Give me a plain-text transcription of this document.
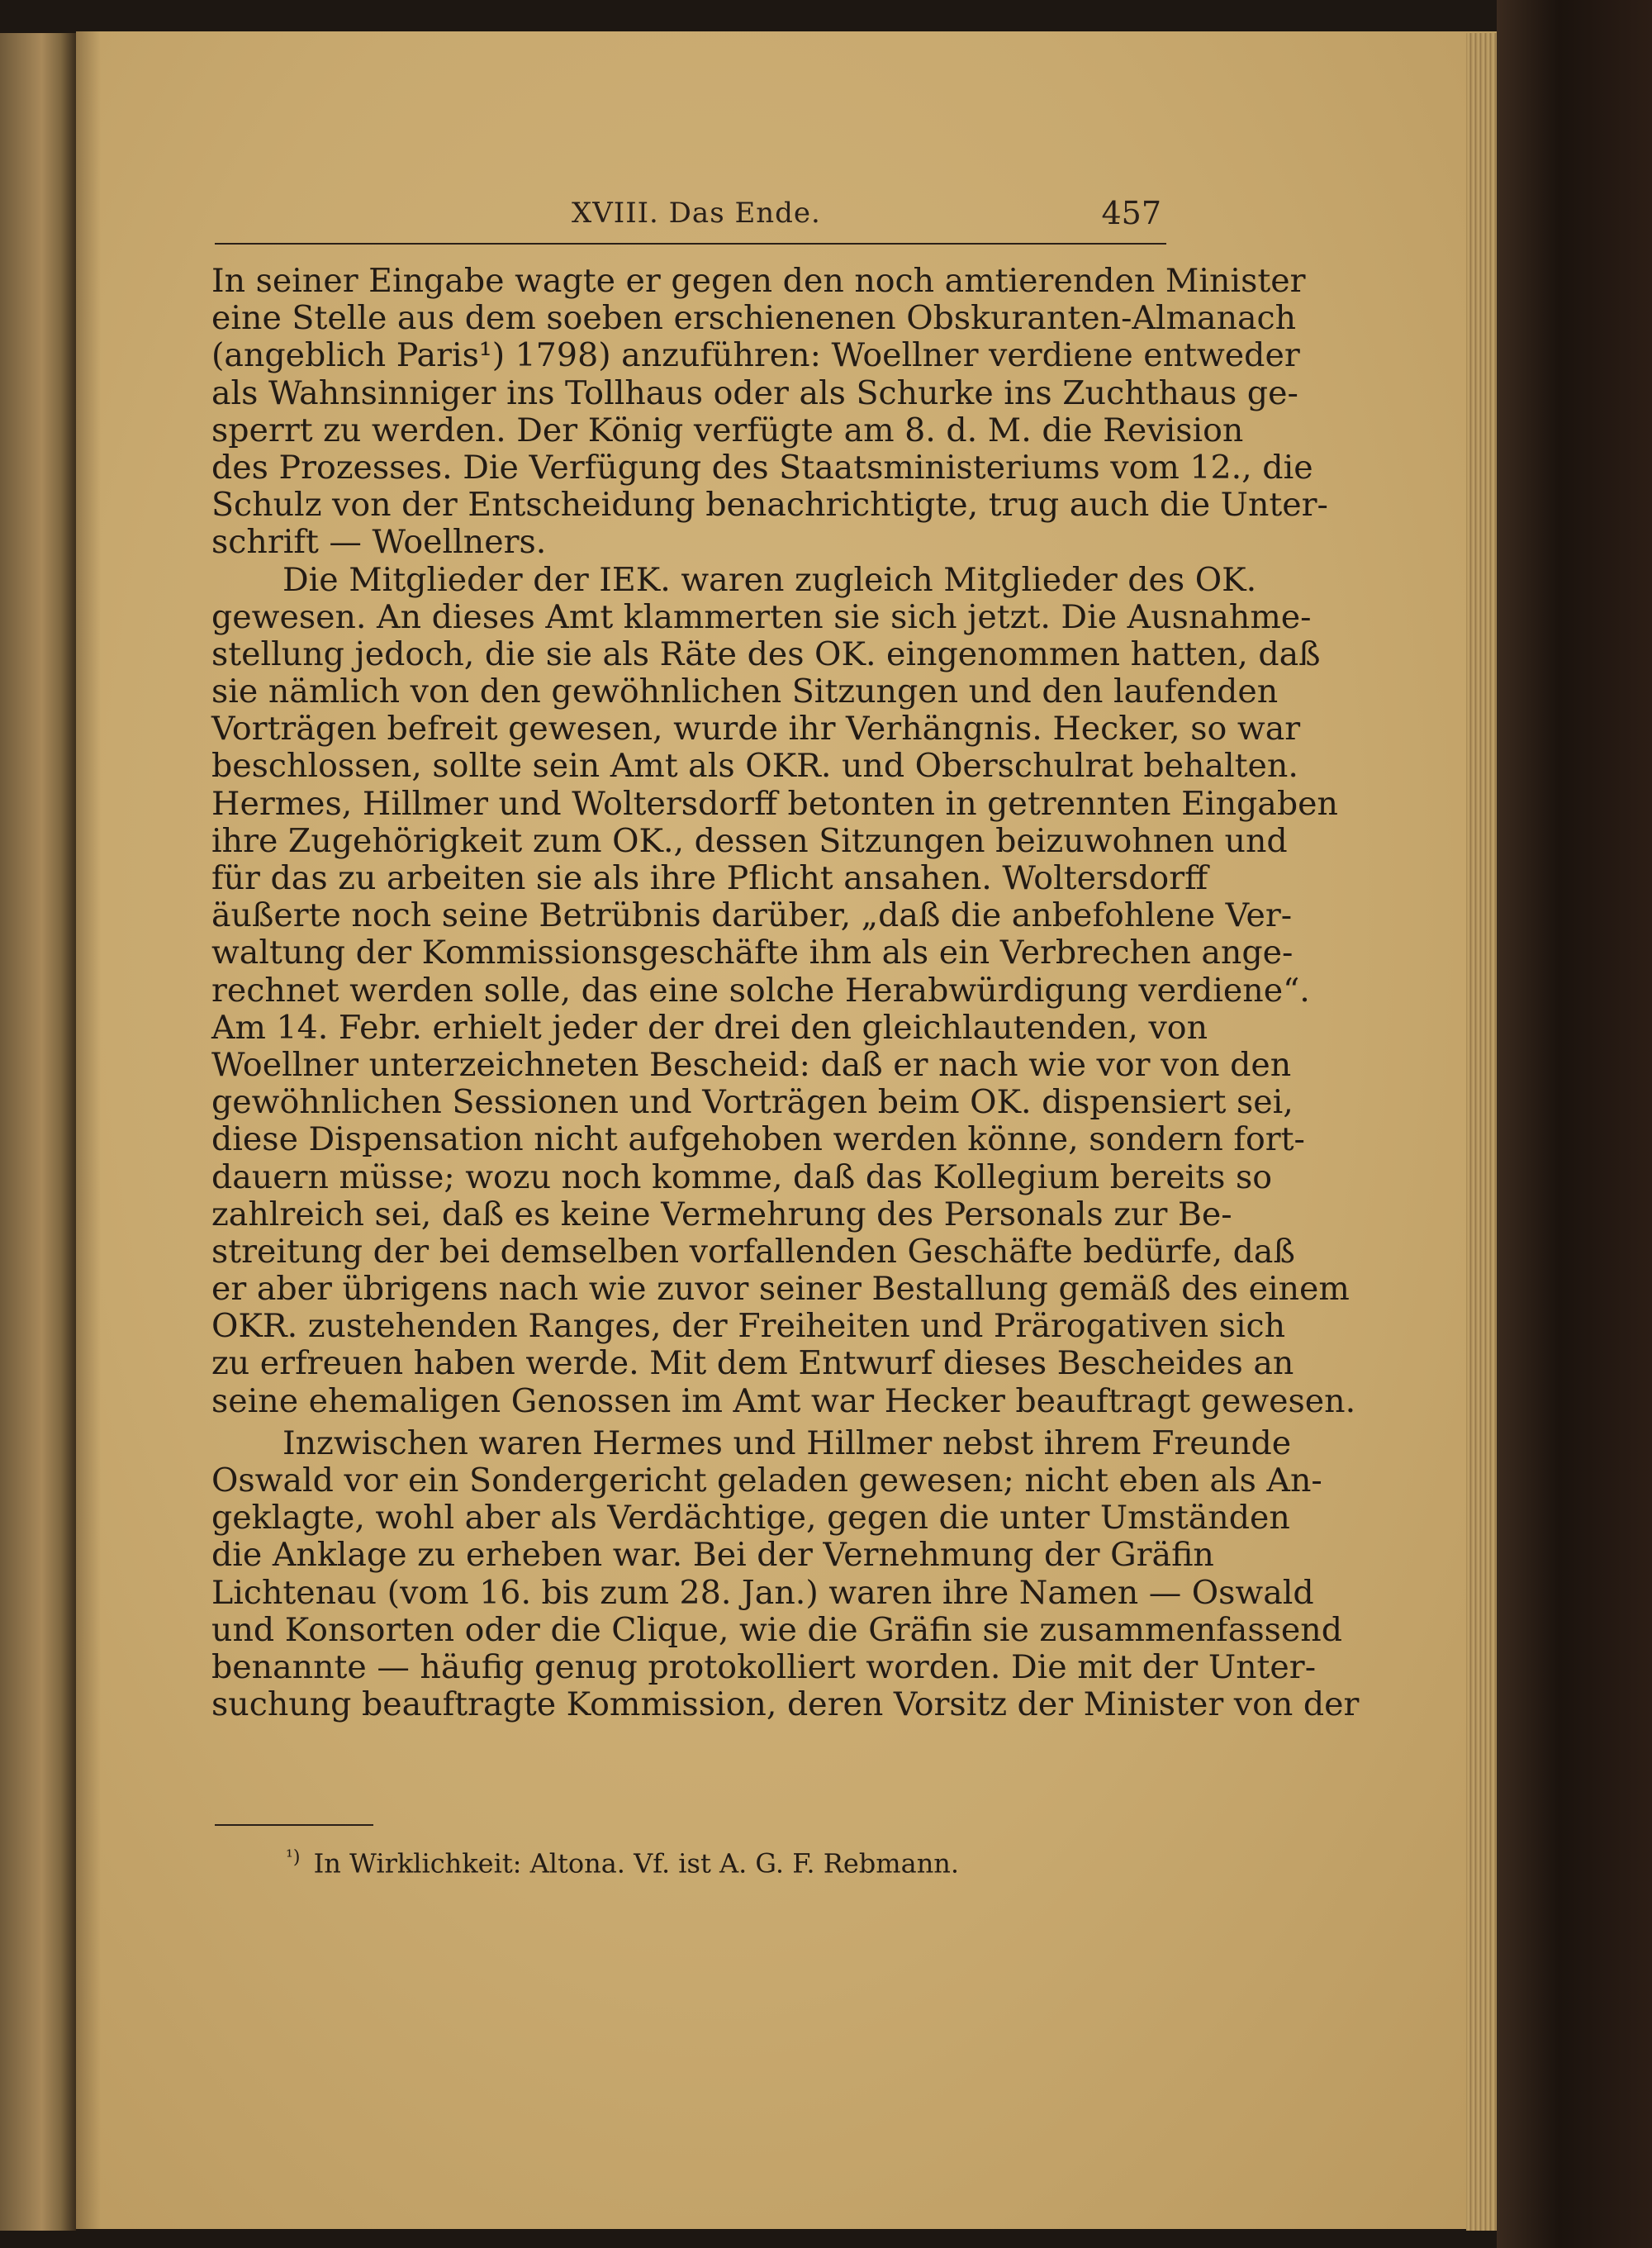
XVIII. Das Ende.	457
In seiner Eingabe wagte er gegen den noch amtierenden Minister
eine Stelle aus dem soeben erschienenen Obskuranten-Almanach
(angeblich Paris¹) 1798) anzuführen: Woellner verdiene entweder
als Wahnsinniger ins Tollhaus oder als Schurke ins Zuchthaus ge-
sperrt zu werden. Der König verfügte am 8. d. M. die Revision
des Prozesses. Die Verfügung des Staatsministeriums vom 12., die
Schulz von der Entscheidung benachrichtigte, trug auch die Unter-
schrift — Woellners.
Die Mitglieder der IEK. waren zugleich Mitglieder des OK.
gewesen. An dieses Amt klammerten sie sich jetzt. Die Ausnahme-
stellung jedoch, die sie als Räte des OK. eingenommen hatten, daß
sie nämlich von den gewöhnlichen Sitzungen und den laufenden
Vorträgen befreit gewesen, wurde ihr Verhängnis. Hecker, so war
beschlossen, sollte sein Amt als OKR. und Oberschulrat behalten.
Hermes, Hillmer und Woltersdorff betonten in getrennten Eingaben
ihre Zugehörigkeit zum OK., dessen Sitzungen beizuwohnen und
für das zu arbeiten sie als ihre Pflicht ansahen. Woltersdorff
äußerte noch seine Betrübnis darüber, „daß die anbefohlene Ver-
waltung der Kommissionsgeschäfte ihm als ein Verbrechen ange-
rechnet werden solle, das eine solche Herabwürdigung verdiene“.
Am 14. Febr. erhielt jeder der drei den gleichlautenden, von
Woellner unterzeichneten Bescheid: daß er nach wie vor von den
gewöhnlichen Sessionen und Vorträgen beim OK. dispensiert sei,
diese Dispensation nicht aufgehoben werden könne, sondern fort-
dauern müsse; wozu noch komme, daß das Kollegium bereits so
zahlreich sei, daß es keine Vermehrung des Personals zur Be-
streitung der bei demselben vorfallenden Geschäfte bedürfe, daß
er aber übrigens nach wie zuvor seiner Bestallung gemäß des einem
OKR. zustehenden Ranges, der Freiheiten und Prärogativen sich
zu erfreuen haben werde. Mit dem Entwurf dieses Bescheides an
seine ehemaligen Genossen im Amt war Hecker beauftragt gewesen.
Inzwischen waren Hermes und Hillmer nebst ihrem Freunde
Oswald vor ein Sondergericht geladen gewesen; nicht eben als An-
geklagte, wohl aber als Verdächtige, gegen die unter Umständen
die Anklage zu erheben war. Bei der Vernehmung der Gräfin
Lichtenau (vom 16. bis zum 28. Jan.) waren ihre Namen — Oswald
und Konsorten oder die Clique, wie die Gräfin sie zusammenfassend
benannte — häufig genug protokolliert worden. Die mit der Unter-
suchung beauftragte Kommission, deren Vorsitz der Minister von der
$^{^1)}$ In Wirklichkeit: Altona. Vf. ist A. G. F. Rebmann.
